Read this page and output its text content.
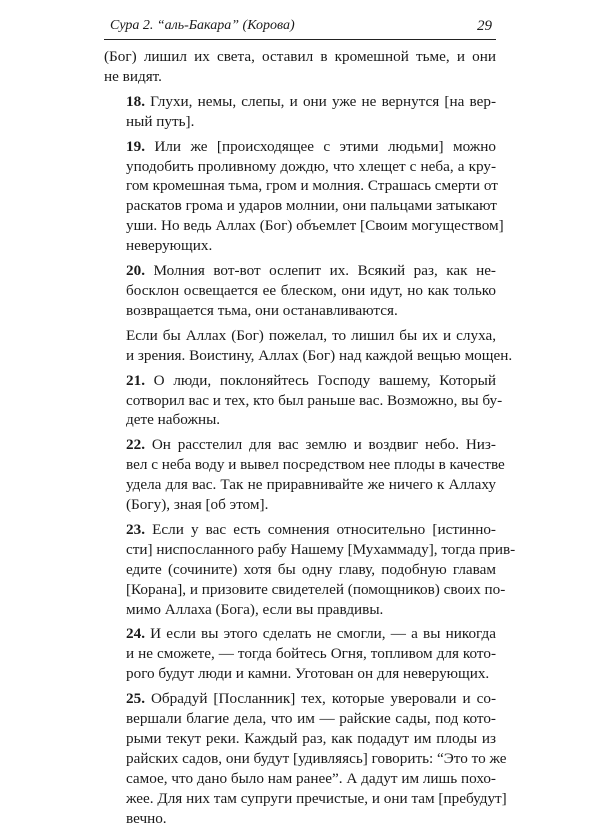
Сура 2. “аль-Бакара” (Корова)	29

(Бог) лишил их света, оставил в кромешной тьме, и они
не видят.

18. Глухи, немы, слепы, и они уже не вернутся [на вер-
ный путь].

19. Или же [происходящее с этими людьми] можно
уподобить проливному дождю, что хлещет с неба, а кру-
гом кромешная тьма, гром и молния. Страшась смерти от
раскатов грома и ударов молнии, они пальцами затыкают
уши. Но ведь Аллах (Бог) объемлет [Своим могуществом]
неверующих.

20. Молния вот-вот ослепит их. Всякий раз, как не-
босклон освещается ее блеском, они идут, но как только
возвращается тьма, они останавливаются.

Если бы Аллах (Бог) пожелал, то лишил бы их и слуха,
и зрения. Воистину, Аллах (Бог) над каждой вещью мощен.

21. О люди, поклоняйтесь Господу вашему, Который
сотворил вас и тех, кто был раньше вас. Возможно, вы бу-
дете набожны.

22. Он расстелил для вас землю и воздвиг небо. Низ-
вел с неба воду и вывел посредством нее плоды в качестве
удела для вас. Так не приравнивайте же ничего к Аллаху
(Богу), зная [об этом].

23. Если у вас есть сомнения относительно [истинно-
сти] ниспосланного рабу Нашему [Мухаммаду], тогда прив-
едите (сочините) хотя бы одну главу, подобную главам
[Корана], и призовите свидетелей (помощников) своих по-
мимо Аллаха (Бога), если вы правдивы.

24. И если вы этого сделать не смогли, — а вы никогда
и не сможете, — тогда бойтесь Огня, топливом для кото-
рого будут люди и камни. Уготован он для неверующих.

25. Обрадуй [Посланник] тех, которые уверовали и со-
вершали благие дела, что им — райские сады, под кото-
рыми текут реки. Каждый раз, как подадут им плоды из
райских садов, они будут [удивляясь] говорить: “Это то же
самое, что дано было нам ранее”. А дадут им лишь похо-
жее. Для них там супруги пречистые, и они там [пребудут]
вечно.
